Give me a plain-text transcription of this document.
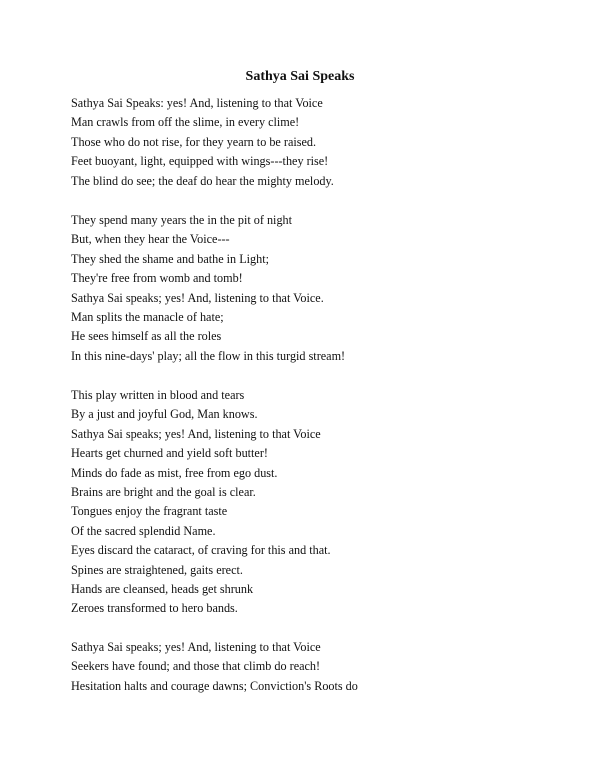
Sathya Sai Speaks
Sathya Sai Speaks: yes! And, listening to that Voice
Man crawls from off the slime, in every clime!
Those who do not rise, for they yearn to be raised.
Feet buoyant, light, equipped with wings---they rise!
The blind do see; the deaf do hear the mighty melody.
They spend many years the in the pit of night
But, when they hear the Voice---
They shed the shame and bathe in Light;
They're free from womb and tomb!
Sathya Sai speaks; yes! And, listening to that Voice.
Man splits the manacle of hate;
He sees himself as all the roles
In this nine-days' play; all the flow in this turgid stream!
This play written in blood and tears
By a just and joyful God, Man knows.
Sathya Sai speaks; yes! And, listening to that Voice
Hearts get churned and yield soft butter!
Minds do fade as mist, free from ego dust.
Brains are bright and the goal is clear.
Tongues enjoy the fragrant taste
Of the sacred splendid Name.
Eyes discard the cataract, of craving for this and that.
Spines are straightened, gaits erect.
Hands are cleansed, heads get shrunk
Zeroes transformed to hero bands.
Sathya Sai speaks; yes! And, listening to that Voice
Seekers have found; and those that climb do reach!
Hesitation halts and courage dawns; Conviction's Roots do
